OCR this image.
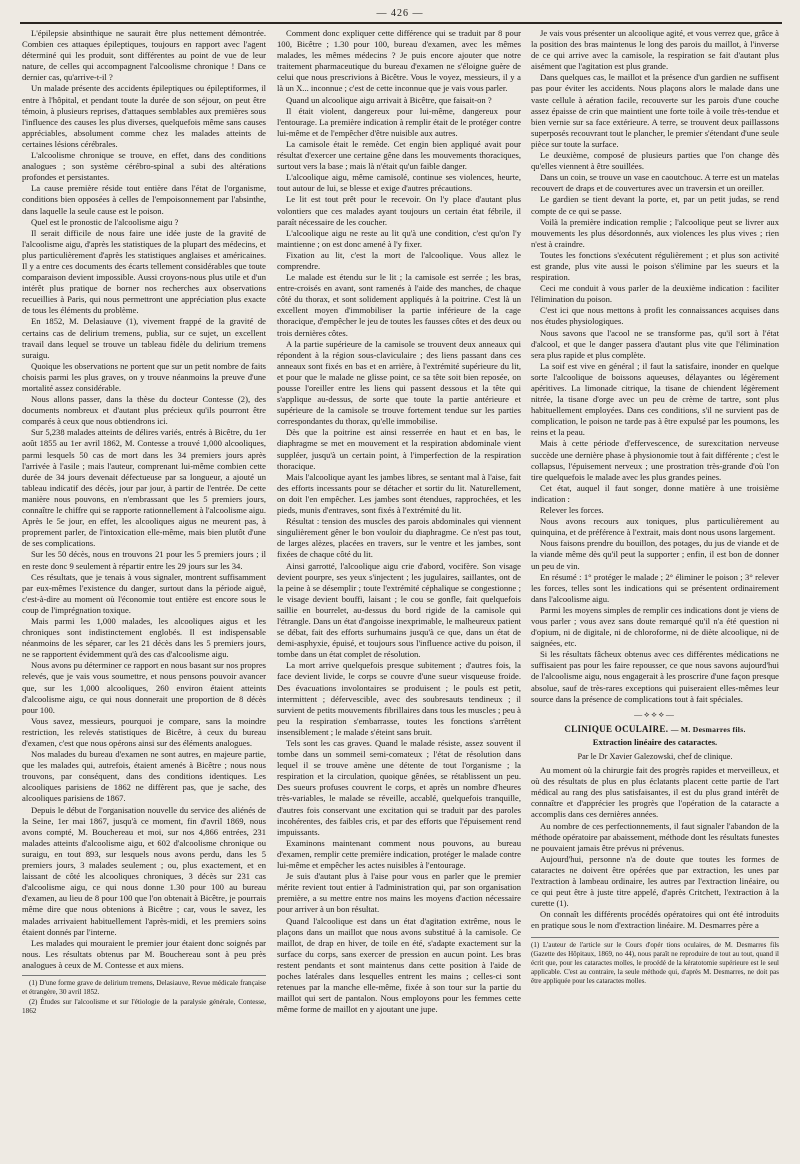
— 426 —

L'épilepsie absinthique ne saurait être plus nettement démontrée. Combien ces attaques épileptiques, toujours en rapport avec l'agent déterminé qui les produit, sont différentes au point de vue de leur nature, de celles qui accompagnent l'alcoolisme chronique ! Dans ce dernier cas, qu'arrive-t-il ?

Un malade présente des accidents épileptiques ou épileptiformes, il entre à l'hôpital, et pendant toute la durée de son séjour, on peut être témoin, à plusieurs reprises, d'attaques semblables aux premières sous l'influence des causes les plus diverses, quelquefois même sans causes appréciables, absolument comme chez les malades atteints de certaines lésions cérébrales.

L'alcoolisme chronique se trouve, en effet, dans des conditions analogues ; son système cérébro-spinal a subi des altérations profondes et persistantes.

La cause première réside tout entière dans l'état de l'organisme, conditions bien opposées à celles de l'empoisonnement par l'absinthe, dans laquelle la seule cause est le poison.

Quel est le pronostic de l'alcoolisme aigu ?

Il serait difficile de nous faire une idée juste de la gravité de l'alcoolisme aigu, d'après les statistiques de la plupart des médecins, et plus particulièrement d'après les statistiques anglaises et américaines. Il y a entre ces documents des écarts tellement considérables que toute comparaison devient impossible. Aussi croyons-nous plus utile et d'un intérêt plus pratique de borner nos recherches aux observations recueillies à Paris, qui nous permettront une appréciation plus exacte de tous les éléments du problème.

En 1852, M. Delasiauve (1), vivement frappé de la gravité de certains cas de delirium tremens, publia, sur ce sujet, un excellent travail dans lequel se trouve un tableau fidèle du delirium tremens suraigu.

Quoique les observations ne portent que sur un petit nombre de faits choisis parmi les plus graves, on y trouve néanmoins la preuve d'une mortalité assez considérable.

Nous allons passer, dans la thèse du docteur Contesse (2), des documents nombreux et d'autant plus précieux qu'ils pourront être comparés à ceux que nous obtiendrons ici.

Sur 5,238 malades atteints de délires variés, entrés à Bicêtre, du 1er août 1855 au 1er avril 1862, M. Contesse a trouvé 1,000 alcooliques, parmi lesquels 50 cas de mort dans les 34 premiers jours après l'arrivée à l'asile ; mais l'auteur, comprenant lui-même combien cette durée de 34 jours devenait défectueuse par sa longueur, a ajouté un tableau indicatif des décès, jour par jour, à partir de l'entrée. De cette manière nous pouvons, en n'embrassant que les 5 premiers jours, connaître le chiffre qui se rapporte rationnellement à l'alcoolisme aigu. Après le 5e jour, en effet, les alcooliques aigus ne meurent pas, à proprement parler, de l'intoxication elle-même, mais bien plutôt d'une de ses complications.

Sur les 50 décès, nous en trouvons 21 pour les 5 premiers jours ; il en reste donc 9 seulement à répartir entre les 29 jours sur les 34.

Ces résultats, que je tenais à vous signaler, montrent suffisamment par eux-mêmes l'existence du danger, surtout dans la période aiguë, c'est-à-dire au moment où l'économie tout entière est encore sous le coup de l'imprégnation toxique.

Mais parmi les 1,000 malades, les alcooliques aigus et les chroniques sont indistinctement englobés. Il est indispensable néanmoins de les séparer, car les 21 décès dans les 5 premiers jours, ne se rapportent évidemment qu'à des cas d'alcoolisme aigu.

Nous avons pu déterminer ce rapport en nous basant sur nos propres relevés, que je vais vous soumettre, et nous pensons pouvoir avancer que, sur les 1,000 alcooliques, 260 environ étaient atteints d'alcoolisme aigu, ce qui nous donnerait une proportion de 8 décès pour 100.

Vous savez, messieurs, pourquoi je compare, sans la moindre restriction, les relevés statistiques de Bicêtre, à ceux du bureau d'examen, c'est que nous opérons ainsi sur des éléments analogues.

Nos malades du bureau d'examen ne sont autres, en majeure partie, que les malades qui, autrefois, étaient amenés à Bicêtre ; nous nous trouvons, par conséquent, dans des conditions identiques. Les alcooliques parisiens de 1862 ne diffèrent pas, que je sache, des alcooliques parisiens de 1867.

Depuis le début de l'organisation nouvelle du service des aliénés de la Seine, 1er mai 1867, jusqu'à ce moment, fin d'avril 1869, nous avons compté, M. Bouchereau et moi, sur nos 4,866 entrées, 231 malades atteints d'alcoolisme aigu, et 602 d'alcoolisme chronique ou suraigu, en tout 893, sur lesquels nous avons perdu, dans les 5 premiers jours, 3 malades seulement ; ou, plus exactement, et en laissant de côté les alcooliques chroniques, 3 décès sur 231 cas d'alcoolisme aigu, ce qui nous donne 1.30 pour 100 au bureau d'examen, au lieu de 8 pour 100 que l'on obtenait à Bicêtre, je pourrais même dire que nous obtenions à Bicêtre ; car, vous le savez, les malades arrivaient habituellement l'après-midi, et les premiers soins étaient donnés par l'interne.

Les malades qui mouraient le premier jour étaient donc soignés par nous. Les résultats obtenus par M. Bouchereau sont à peu près analogues à ceux de M. Contesse et aux miens.

(1) D'une forme grave de delirium tremens, Delasiauve, Revue médicale française et étrangère, 30 avril 1852.
(2) Études sur l'alcoolisme et sur l'étiologie de la paralysie générale, Contesse, 1862

Comment donc expliquer cette différence qui se traduit par 8 pour 100, Bicêtre ; 1.30 pour 100, bureau d'examen, avec les mêmes malades, les mêmes médecins ? Je puis encore ajouter que notre traitement pharmaceutique du bureau d'examen ne s'éloigne guère de celui que nous prescrivions à Bicêtre. Vous le voyez, messieurs, il y a là un X... inconnue ; c'est de cette inconnue que je vais vous parler.

Quand un alcoolique aigu arrivait à Bicêtre, que faisait-on ?

Il était violent, dangereux pour lui-même, dangereux pour l'entourage. La première indication à remplir était de le protéger contre lui-même et de l'empêcher d'être nuisible aux autres.

La camisole était le remède. Cet engin bien appliqué avait pour résultat d'exercer une certaine gêne dans les mouvements thoraciques, surtout vers la base ; mais là n'était qu'un faible danger.

L'alcoolique aigu, même camisolé, continue ses violences, heurte, tout autour de lui, se blesse et exige d'autres précautions.

Le lit est tout prêt pour le recevoir. On l'y place d'autant plus volontiers que ces malades ayant toujours un certain état fébrile, il paraît nécessaire de les coucher.

L'alcoolique aigu ne reste au lit qu'à une condition, c'est qu'on l'y maintienne ; on est donc amené à l'y fixer.

Fixation au lit, c'est la mort de l'alcoolique. Vous allez le comprendre.

Le malade est étendu sur le lit ; la camisole est serrée ; les bras, entre-croisés en avant, sont ramenés à l'aide des manches, de chaque côté du thorax, et sont solidement appliqués à la poitrine. C'est là un excellent moyen d'immobiliser la partie inférieure de la cage thoracique, d'empêcher le jeu de toutes les fausses côtes et des deux ou trois dernières côtes.

A la partie supérieure de la camisole se trouvent deux anneaux qui répondent à la région sous-claviculaire ; des liens passant dans ces anneaux sont fixés en bas et en arrière, à l'extrémité supérieure du lit, et pour que le malade ne glisse point, ce sa tête soit bien reposée, on pousse l'oreiller entre les liens qui passent dessous et la tête qui s'applique au-dessus, de sorte que toute la partie antérieure et supérieure de la camisole se trouve fortement tendue sur les parties correspondantes du thorax, qu'elle immobilise.

Dès que la poitrine est ainsi resserrée en haut et en bas, le diaphragme se met en mouvement et la respiration abdominale vient suppléer, jusqu'à un certain point, à l'imperfection de la respiration thoracique.

Mais l'alcoolique ayant les jambes libres, se sentant mal à l'aise, fait des efforts incessants pour se détacher et sortir du lit. Naturellement, on doit l'en empêcher. Les jambes sont étendues, rapprochées, et les pieds, munis d'entraves, sont fixés à l'extrémité du lit.

Résultat : tension des muscles des parois abdominales qui viennent singulièrement gêner le bon vouloir du diaphragme. Ce n'est pas tout, de larges alèzes, placées en travers, sur le ventre et les jambes, sont fixées de chaque côté du lit.

Ainsi garrotté, l'alcoolique aigu crie d'abord, vocifère. Son visage devient pourpre, ses yeux s'injectent ; les jugulaires, saillantes, ont de la peine à se désemplir ; toute l'extrémité céphalique se congestionne ; le visage devient bouffi, laisant ; le cou se gonfle, fait quelquefois saillie en bourrelet, au-dessus du bord rigide de la camisole qui l'étrangle. Dans un état d'angoisse inexprimable, le malheureux patient se débat, fait des efforts surhumains jusqu'à ce que, dans un état de demi-asphyxie, épuisé, et toujours sous l'influence active du poison, il tombe dans un état complet de résolution.

La mort arrive quelquefois presque subitement ; d'autres fois, la face devient livide, le corps se couvre d'une sueur visqueuse froide. Des évacuations involontaires se produisent ; le pouls est petit, intermittent ; défervescible, avec des soubresauts tendineux ; il survient de petits mouvements fibrillaires dans tous les muscles ; peu à peu la respiration s'embarrasse, toutes les fonctions s'arrêtent insensiblement ; le malade s'éteint sans bruit.

Tels sont les cas graves. Quand le malade résiste, assez souvent il tombe dans un sommeil semi-comateux ; l'état de résolution dans lequel il se trouve amène une détente de tout l'organisme ; la respiration et la circulation, quoique gênées, se rétablissent un peu. Des sueurs profuses couvrent le corps, et après un nombre d'heures très-variables, le malade se réveille, accablé, quelquefois tranquille, d'autres fois conservant une excitation qui se traduit par des paroles incohérentes, des faibles cris, et par des efforts que l'épuisement rend impuissants.

Examinons maintenant comment nous pouvons, au bureau d'examen, remplir cette première indication, protéger le malade contre lui-même et empêcher les actes nuisibles à l'entourage.

Je suis d'autant plus à l'aise pour vous en parler que le premier mérite revient tout entier à l'administration qui, par son organisation première, a su mettre entre nos mains les moyens d'action nécessaire pour arriver à un bon résultat.

Quand l'alcoolique est dans un état d'agitation extrême, nous le plaçons dans un maillot que nous avons substitué à la camisole. Ce maillot, de drap en hiver, de toile en été, s'adapte exactement sur la surface du corps, sans exercer de pression en aucun point. Les bras restent pendants et sont maintenus dans cette position à l'aide de poches latérales dans lesquelles entrent les mains ; celles-ci sont retenues par la manche elle-même, fixée à son tour sur la partie du maillot qui sert de pantalon. Nous employons pour les femmes cette même forme de maillot en y ajoutant une jupe.

Je vais vous présenter un alcoolique agité, et vous verrez que, grâce à la position des bras maintenus le long des parois du maillot, à l'inverse de ce qui arrive avec la camisole, la respiration se fait d'autant plus aisément que l'agitation est plus grande.

Dans quelques cas, le maillot et la présence d'un gardien ne suffisent pas pour éviter les accidents. Nous plaçons alors le malade dans une vaste cellule à aération facile, recouverte sur les parois d'une couche assez épaisse de crin que maintient une forte toile à voile très-tendue et bien vernie sur sa face extérieure. A terre, se trouvent deux paillassons superposés recouvrant tout le plancher, le premier s'étendant d'une seule pièce sur toute la surface.

Le deuxième, composé de plusieurs parties que l'on change dès qu'elles viennent à être souillées.

Dans un coin, se trouve un vase en caoutchouc. A terre est un matelas recouvert de draps et de couvertures avec un traversin et un oreiller.

Le gardien se tient devant la porte, et, par un petit judas, se rend compte de ce qui se passe.

Voilà la première indication remplie ; l'alcoolique peut se livrer aux mouvements les plus désordonnés, aux violences les plus vives ; rien n'est à craindre.

Toutes les fonctions s'exécutent régulièrement ; et plus son activité est grande, plus vite aussi le poison s'élimine par les sueurs et la respiration.

Ceci me conduit à vous parler de la deuxième indication : faciliter l'élimination du poison.

C'est ici que nous mettons à profit les connaissances acquises dans nos études physiologiques.

Nous savons que l'acool ne se transforme pas, qu'il sort à l'état d'alcool, et que le danger passera d'autant plus vite que l'élimination sera plus rapide et plus complète.

La soif est vive en général ; il faut la satisfaire, inonder en quelque sorte l'alcoolique de boissons aqueuses, délayantes ou légèrement apéritives. La limonade citrique, la tisane de chiendent légèrement nitrée, la tisane d'orge avec un peu de crème de tartre, sont plus habituellement employées. Dans ces conditions, s'il ne survient pas de complication, le poison ne tarde pas à être expulsé par les poumons, les reins et la peau.

Mais à cette période d'effervescence, de surexcitation nerveuse succède une dernière phase à physionomie tout à fait différente ; c'est le collapsus, l'épuisement nerveux ; une prostration très-grande d'où l'on tire quelquefois le malade avec les plus grandes peines.

Cet état, auquel il faut songer, donne matière à une troisième indication :

Relever les forces.

Nous avons recours aux toniques, plus particulièrement au quinquina, et de préférence à l'extrait, mais dont nous usons largement.

Nous faisons prendre du bouillon, des potages, du jus de viande et de la viande même dès qu'il peut la supporter ; enfin, il est bon de donner un peu de vin.

En résumé : 1° protéger le malade ; 2° éliminer le poison ; 3° relever les forces, telles sont les indications qui se présentent ordinairement dans l'alcoolisme aigu.

Parmi les moyens simples de remplir ces indications dont je viens de vous parler ; vous avez sans doute remarqué qu'il n'a été question ni d'opium, ni de digitale, ni de chloroforme, ni de diète alcoolique, ni de saignées, etc.

Si les résultats fâcheux obtenus avec ces différentes médications ne suffisaient pas pour les faire repousser, ce que nous savons aujourd'hui de l'alcoolisme aigu, nous engagerait à les proscrire d'une façon presque absolue, sauf de très-rares exceptions qui puiseraient elles-mêmes leur source dans la présence de complications tout à fait spéciales.

—⟡⟡⟡—
CLINIQUE OCULAIRE. — M. Desmarres fils.
Extraction linéaire des cataractes.
Par le Dr Xavier Galezowski, chef de clinique.

Au moment où la chirurgie fait des progrès rapides et merveilleux, et où des résultats de plus en plus éclatants placent cette partie de l'art médical au rang des plus satisfaisantes, il est du plus grand intérêt de connaître et d'apprécier les progrès que l'opération de la cataracte a accomplis dans ces dernières années.

Au nombre de ces perfectionnements, il faut signaler l'abandon de la méthode opératoire par abaissement, méthode dont les résultats funestes ne pouvaient jamais être prévus ni prévenus.

Aujourd'hui, personne n'a de doute que toutes les formes de cataractes ne doivent être opérées que par extraction, les unes par l'extraction à lambeau ordinaire, les autres par l'extraction linéaire, ou ce qui peut être à juste titre appelé, d'après Critchett, l'extraction à la curette (1).

On connaît les différents procédés opératoires qui ont été introduits en pratique sous le nom d'extraction linéaire. M. Desmarres père a

(1) L'auteur de l'article sur le Cours d'opér tions oculaires, de M. Desmarres fils (Gazette des Hôpitaux, 1869, no 44), nous paraît ne reproduire de tout au tout, quand il écrit que, pour les cataractes molles, le procédé de la kératotomie supérieure est le seul applicable. C'est au contraire, la seule méthode qui, d'après M. Desmarres, ne doit pas être appliquée pour les cataractes molles.
